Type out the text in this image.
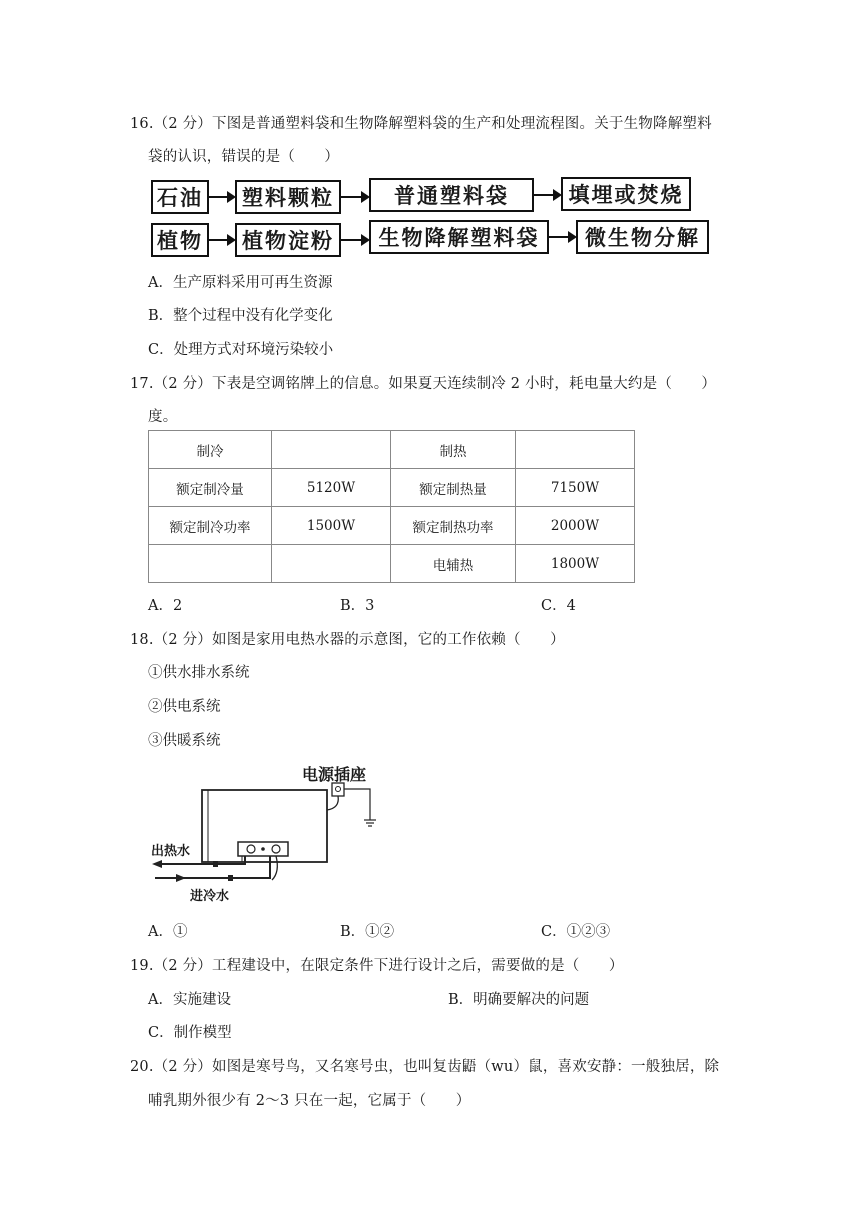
16.（2 分）下图是普通塑料袋和生物降解塑料袋的生产和处理流程图。关于生物降解塑料
袋的认识，错误的是（　　）
石油	塑料颗粒	普通塑料袋	填埋或焚烧
植物	植物淀粉	生物降解塑料袋	微生物分解
A．生产原料采用可再生资源
B．整个过程中没有化学变化
C．处理方式对环境污染较小
17.（2 分）下表是空调铭牌上的信息。如果夏天连续制冷 2 小时，耗电量大约是（　　）
度。
制冷		制热	
额定制冷量	5120W	额定制热量	7150W
额定制冷功率	1500W	额定制热功率	2000W
		电辅热	1800W
A．2	B．3	C．4
18.（2 分）如图是家用电热水器的示意图，它的工作依赖（　　）
①供水排水系统
②供电系统
③供暖系统
电源插座
出热水
进冷水
A．①	B．①②	C．①②③
19.（2 分）工程建设中，在限定条件下进行设计之后，需要做的是（　　）
A．实施建设	B．明确要解决的问题
C．制作模型
20.（2 分）如图是寒号鸟，又名寒号虫，也叫复齿鼯（wu）鼠，喜欢安静：一般独居，除
哺乳期外很少有 2～3 只在一起，它属于（　　）
